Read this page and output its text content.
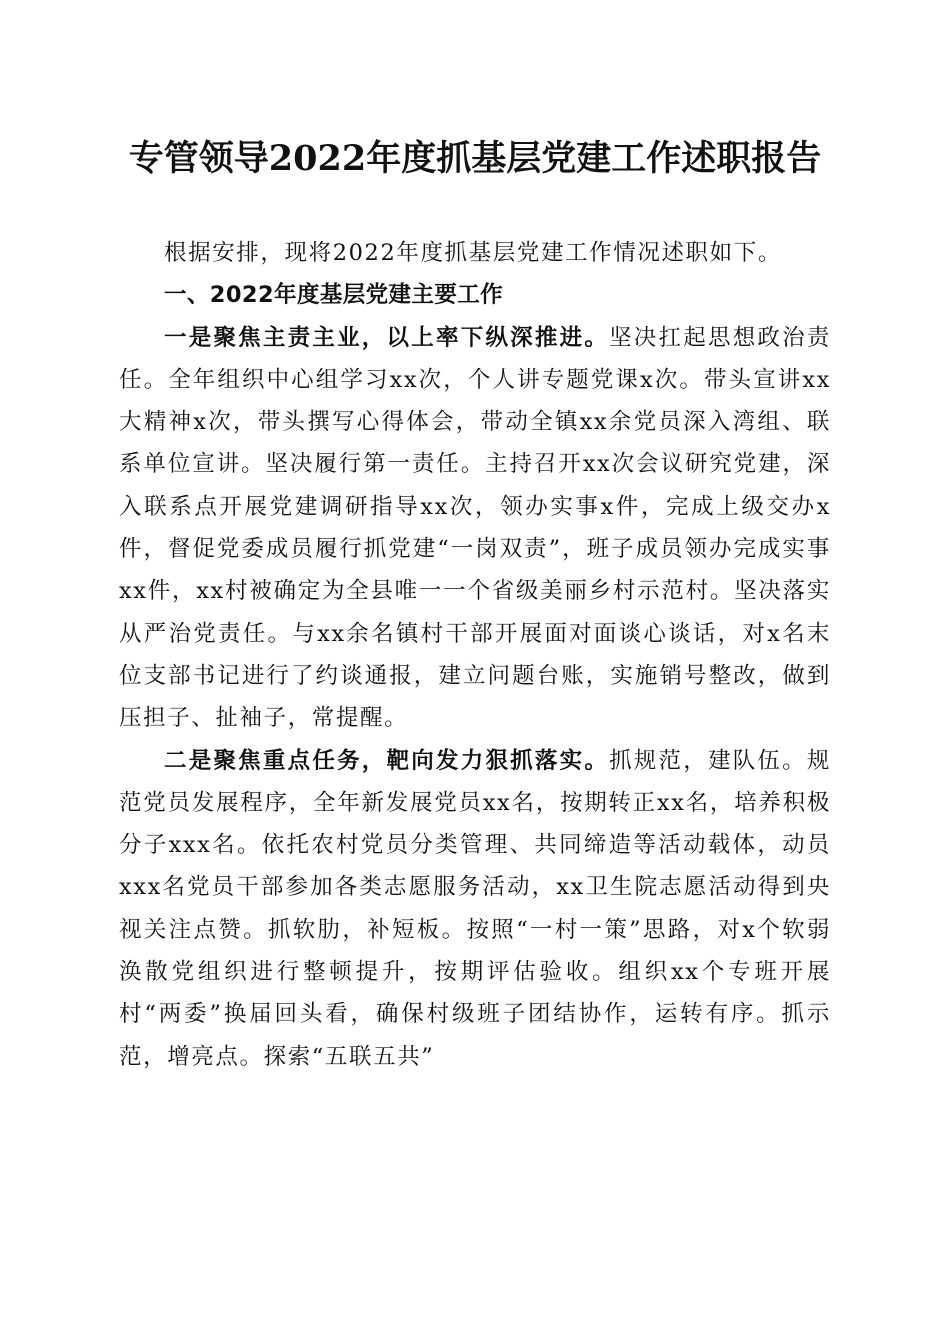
专管领导2022年度抓基层党建工作述职报告

根据安排，现将2022年度抓基层党建工作情况述职如下。

一、2022年度基层党建主要工作

一是聚焦主责主业，以上率下纵深推进。坚决扛起思想政治责任。全年组织中心组学习xx次，个人讲专题党课x次。带头宣讲xx大精神x次，带头撰写心得体会，带动全镇xx余党员深入湾组、联系单位宣讲。坚决履行第一责任。主持召开xx次会议研究党建，深入联系点开展党建调研指导xx次，领办实事x件，完成上级交办x件，督促党委成员履行抓党建“一岗双责”，班子成员领办完成实事xx件，xx村被确定为全县唯一一个省级美丽乡村示范村。坚决落实从严治党责任。与xx余名镇村干部开展面对面谈心谈话，对x名末位支部书记进行了约谈通报，建立问题台账，实施销号整改，做到压担子、扯袖子，常提醒。

二是聚焦重点任务，靶向发力狠抓落实。抓规范，建队伍。规范党员发展程序，全年新发展党员xx名，按期转正xx名，培养积极分子xxx名。依托农村党员分类管理、共同缔造等活动载体，动员xxx名党员干部参加各类志愿服务活动，xx卫生院志愿活动得到央视关注点赞。抓软肋，补短板。按照“一村一策”思路，对x个软弱涣散党组织进行整顿提升，按期评估验收。组织xx个专班开展村“两委”换届回头看，确保村级班子团结协作，运转有序。抓示范，增亮点。探索“五联五共”
